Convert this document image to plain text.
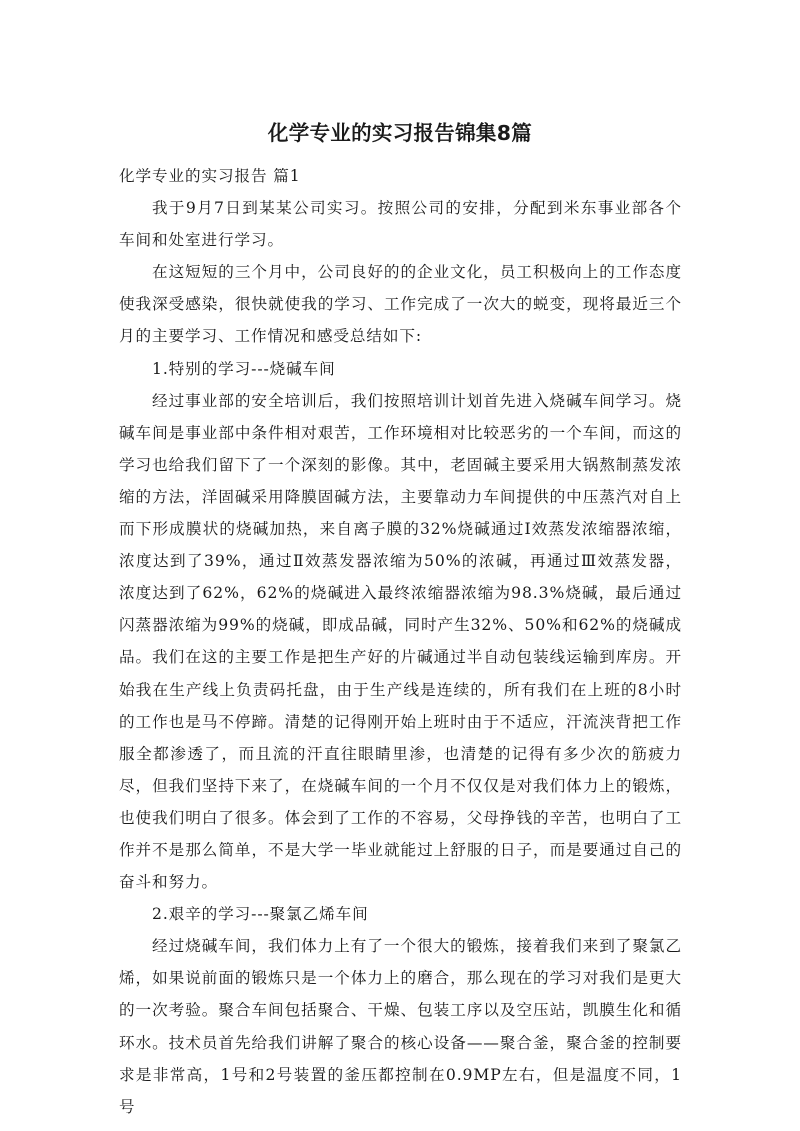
化学专业的实习报告锦集8篇

化学专业的实习报告 篇1

我于9月7日到某某公司实习。按照公司的安排，分配到米东事业部各个车间和处室进行学习。

在这短短的三个月中，公司良好的的企业文化，员工积极向上的工作态度使我深受感染，很快就使我的学习、工作完成了一次大的蜕变，现将最近三个月的主要学习、工作情况和感受总结如下:

1.特别的学习---烧碱车间

经过事业部的安全培训后，我们按照培训计划首先进入烧碱车间学习。烧碱车间是事业部中条件相对艰苦，工作环境相对比较恶劣的一个车间，而这的学习也给我们留下了一个深刻的影像。其中，老固碱主要采用大锅熬制蒸发浓缩的方法，洋固碱采用降膜固碱方法，主要靠动力车间提供的中压蒸汽对自上而下形成膜状的烧碱加热，来自离子膜的32%烧碱通过Ⅰ效蒸发浓缩器浓缩，浓度达到了39%，通过Ⅱ效蒸发器浓缩为50%的浓碱，再通过Ⅲ效蒸发器，浓度达到了62%，62%的烧碱进入最终浓缩器浓缩为98.3%烧碱，最后通过闪蒸器浓缩为99%的烧碱，即成品碱，同时产生32%、50%和62%的烧碱成品。我们在这的主要工作是把生产好的片碱通过半自动包装线运输到库房。开始我在生产线上负责码托盘，由于生产线是连续的，所有我们在上班的8小时的工作也是马不停蹄。清楚的记得刚开始上班时由于不适应，汗流浃背把工作服全都渗透了，而且流的汗直往眼睛里渗，也清楚的记得有多少次的筋疲力尽，但我们坚持下来了，在烧碱车间的一个月不仅仅是对我们体力上的锻炼，也使我们明白了很多。体会到了工作的不容易，父母挣钱的辛苦，也明白了工作并不是那么简单，不是大学一毕业就能过上舒服的日子，而是要通过自己的奋斗和努力。

2.艰辛的学习---聚氯乙烯车间

经过烧碱车间，我们体力上有了一个很大的锻炼，接着我们来到了聚氯乙烯，如果说前面的锻炼只是一个体力上的磨合，那么现在的学习对我们是更大的一次考验。聚合车间包括聚合、干燥、包装工序以及空压站，凯膜生化和循环水。技术员首先给我们讲解了聚合的核心设备——聚合釜，聚合釜的控制要求是非常高，1号和2号装置的釜压都控制在0.9MP左右，但是温度不同，1号
